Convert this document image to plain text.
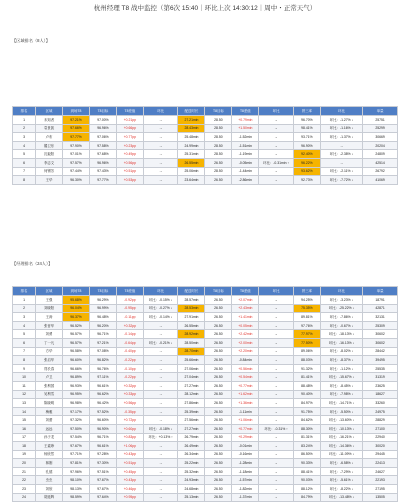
杭州经理 T8 战中监控（第6次 15:40｜环比上次 14:30:12｜周中・正常天气）
【区域排名（8人）】
排名	区域	到场T8	T8目标	T8差值	环比	配送时长	T8目标	T8差值	环比	拼三率	环比	单量
1	未知者	97.21%	97.00%	+0.21pp	→	27.21min	28.50	+0.79min	→	96.70%	环比：-1.27% ↓	25751
2	袁世凯	97.66%	96.96%	+0.66pp	→	28.43min	28.50	+1.50min	→	98.41%	环比：-1.16% ↓	25299
3	卢布	97.77%	97.06%	+0.77pp	→	25.48min	28.50	-1.52min	→	93.71%	环比：-1.37% ↓	30669
4	滕卫东	97.90%	97.58%	+0.23pp	→	24.99min	28.50	-1.51min	→	96.90%	→	20204
5	沈毅阳	97.01%	97.68%	+0.49pp	→	25.31min	28.50	-1.19min	→	92.40%	环比：-2.38% ↓	24809
6	李志文	97.57%	96.96%	+0.56pp	→	26.55min	26.50	-0.05min	环比：-0.31min ↑	96.22%	→	42514
7	何锡芳	97.44%	97.43%	+0.51pp	→	25.06min	28.50	-1.44min	→	93.62%	环比：-2.11% ↓	26792
8	王华	96.30%	97.77%	+0.53pp	→	23.64min	26.50	-2.86min	→	92.73%	环比：-7.72% ↓	41069
【经理排名（24人）】
排名	区域	到场T8	T8目标	T8差值	环比	配送时长	T8目标	T8差值	环比	拼三率	环比	单量
1	王强	95.68%	96.29%	-0.92pp	环比：-0.15% ↓	28.57min	26.50	+2.07min	→	94.25%	环比：-3.23% ↓	18791
2	刘晓阳	96.04%	96.99%	-0.95pp	环比：-0.27% ↓	28.53min	26.50	+2.43min	→	75.35%	环比：-25.22% ↓	42871
3	王涛	96.37%	96.48%	-0.11pp	环比：-0.14% ↓	27.91min	26.50	+1.41min	→	89.81%	环比：-7.86% ↓	32131
4	张晋华	96.52%	96.20%	+0.32pp	→	26.55min	26.50	+0.05min	→	97.76%	环比：-0.67% ↓	25309
5	刘勇	96.57%	96.71%	-0.14pp	→	28.92min	26.50	+2.42min	→	77.97%	环比：-18.13% ↓	30602
6	丁一凡	96.57%	97.21%	-0.64pp	环比：-0.21% ↓	28.50min	26.50	+2.00min	→	77.50%	环比：-16.13% ↓	30602
7	方华	96.58%	97.08%	-0.40pp	→	28.70min	26.50	+2.20min	→	89.06%	环比：-8.02% ↓	28442
8	张启华	96.60%	96.82%	-0.22pp	→	25.66min	26.50	-0.84min	→	88.03%	环比：-8.37% ↓	39495
9	郑长春	96.66%	96.76%	-0.10pp	→	27.06min	26.50	+0.56min	→	91.32%	环比：-1.12% ↓	25535
10	卢卫	96.89%	97.11%	-0.22pp	→	27.04min	26.50	+0.54min	→	81.41%	环比：-15.67% ↓	31319
11	张利国	96.93%	96.61%	+0.32pp	→	27.27min	26.50	+0.77min	→	88.48%	环比：-8.45% ↓	23625
12	吴利雪	96.95%	96.62%	+0.33pp	→	28.12min	26.50	+1.62min	→	90.40%	环比：-7.98% ↓	18627
13	陈晓明	96.98%	96.42%	+0.56pp	→	27.86min	26.50	+1.36min	→	84.97%	环比：-14.71% ↓	33260
14	梅雅	97.17%	97.52%	-0.35pp	→	25.39min	26.50	-1.11min	→	91.75%	环比：-5.50% ↓	24975
15	刘蕾	97.32%	96.60%	+0.72pp	→	27.56min	26.50	+1.06min	→	84.62%	环比：-13.60% ↓	28829
16	远远	97.50%	96.90%	+0.60pp	环比：-0.18% ↓	27.27min	26.50	+0.77min	环比：-0.31% ↑	88.30%	环比：-10.13% ↓	27100
17	孙子龙	97.54%	96.71%	+0.83pp	环比：+0.13% ↑	26.79min	26.50	+0.29min	→	81.31%	环比：-16.21% ↓	22940
18	王素珍	97.67%	96.61%	+1.06pp	→	26.49min	26.50	-0.01min	→	83.24%	环比：-14.36% ↓	30020
19	杨欣然	97.71%	97.28%	+0.43pp	→	26.34min	26.50	-0.16min	→	86.50%	环比：-11.09% ↓	29445
20	林刚	97.81%	97.30%	+0.51pp	→	25.22min	26.50	-1.28min	→	90.33%	环比：-6.58% ↓	22413
21	孔德	97.96%	97.51%	+0.45pp	→	25.32min	26.50	-1.18min	→	88.41%	环比：-7.29% ↓	24627
22	虫虫	98.10%	97.67%	+0.43pp	→	24.93min	26.50	-1.57min	→	90.03%	环比：-5.61% ↓	22193
23	刘欣	98.13%	97.67%	+0.46pp	→	24.68min	26.50	-1.82min	→	88.12%	环比：-8.22% ↓	27195
24	胡延辉	98.59%	97.64%	+0.95pp	→	25.13min	26.50	-1.37min	→	84.79%	环比：-13.48% ↓	13505
